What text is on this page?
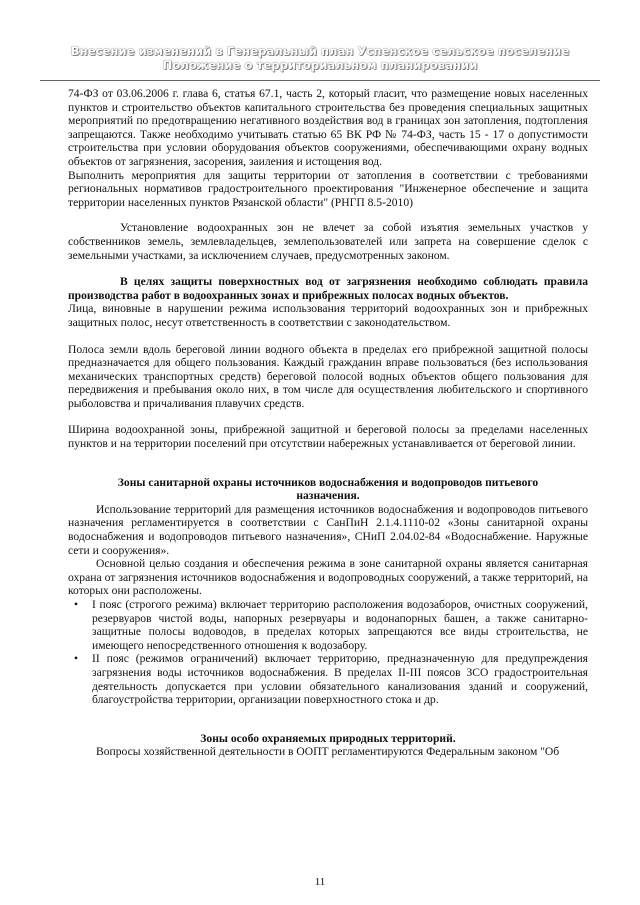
Внесение изменений в Генеральный план Успенское сельское поселение
Положение о территориальном планировании

74-ФЗ от 03.06.2006 г. глава 6, статья 67.1, часть 2, который гласит, что размещение новых населенных пунктов и строительство объектов капитального строительства без проведения специальных защитных мероприятий по предотвращению негативного воздействия вод в границах зон затопления, подтопления запрещаются. Также необходимо учитывать статью 65 ВК РФ № 74-ФЗ, часть 15 - 17 о допустимости строительства при условии оборудования объектов сооружениями, обеспечивающими охрану водных объектов от загрязнения, засорения, заиления и истощения вод.

Выполнить мероприятия для защиты территории от затопления в соответствии с требованиями региональных нормативов градостроительного проектирования "Инженерное обеспечение и защита территории населенных пунктов Рязанской области" (РНГП 8.5-2010)

Установление водоохранных зон не влечет за собой изъятия земельных участков у собственников земель, землевладельцев, землепользователей или запрета на совершение сделок с земельными участками, за исключением случаев, предусмотренных законом.

В целях защиты поверхностных вод от загрязнения необходимо соблюдать правила производства работ в водоохранных зонах и прибрежных полосах водных объектов.

Лица, виновные в нарушении режима использования территорий водоохранных зон и прибрежных защитных полос, несут ответственность в соответствии с законодательством.

Полоса земли вдоль береговой линии водного объекта в пределах его прибрежной защитной полосы предназначается для общего пользования. Каждый гражданин вправе пользоваться (без использования механических транспортных средств) береговой полосой водных объектов общего пользования для передвижения и пребывания около них, в том числе для осуществления любительского и спортивного рыболовства и причаливания плавучих средств.

Ширина водоохранной зоны, прибрежной защитной и береговой полосы за пределами населенных пунктов и на территории поселений при отсутствии набережных устанавливается от береговой линии.

Зоны санитарной охраны источников водоснабжения и водопроводов питьевого назначения.

Использование территорий для размещения источников водоснабжения и водопроводов питьевого назначения регламентируется в соответствии с СанПиН 2.1.4.1110-02 «Зоны санитарной охраны водоснабжения и водопроводов питьевого назначения», СНиП 2.04.02-84 «Водоснабжение. Наружные сети и сооружения».

Основной целью создания и обеспечения режима в зоне санитарной охраны является санитарная охрана от загрязнения источников водоснабжения и водопроводных сооружений, а также территорий, на которых они расположены.

• I пояс (строгого режима) включает территорию расположения водозаборов, очистных сооружений, резервуаров чистой воды, напорных резервуары и водонапорных башен, а также санитарно-защитные полосы водоводов, в пределах которых запрещаются все виды строительства, не имеющего непосредственного отношения к водозабору.
• II пояс (режимов ограничений) включает территорию, предназначенную для предупреждения загрязнения воды источников водоснабжения. В пределах II-III поясов ЗСО градостроительная деятельность допускается при условии обязательного канализования зданий и сооружений, благоустройства территории, организации поверхностного стока и др.

Зоны особо охраняемых природных территорий.

Вопросы хозяйственной деятельности в ООПТ регламентируются Федеральным законом "Об

11
